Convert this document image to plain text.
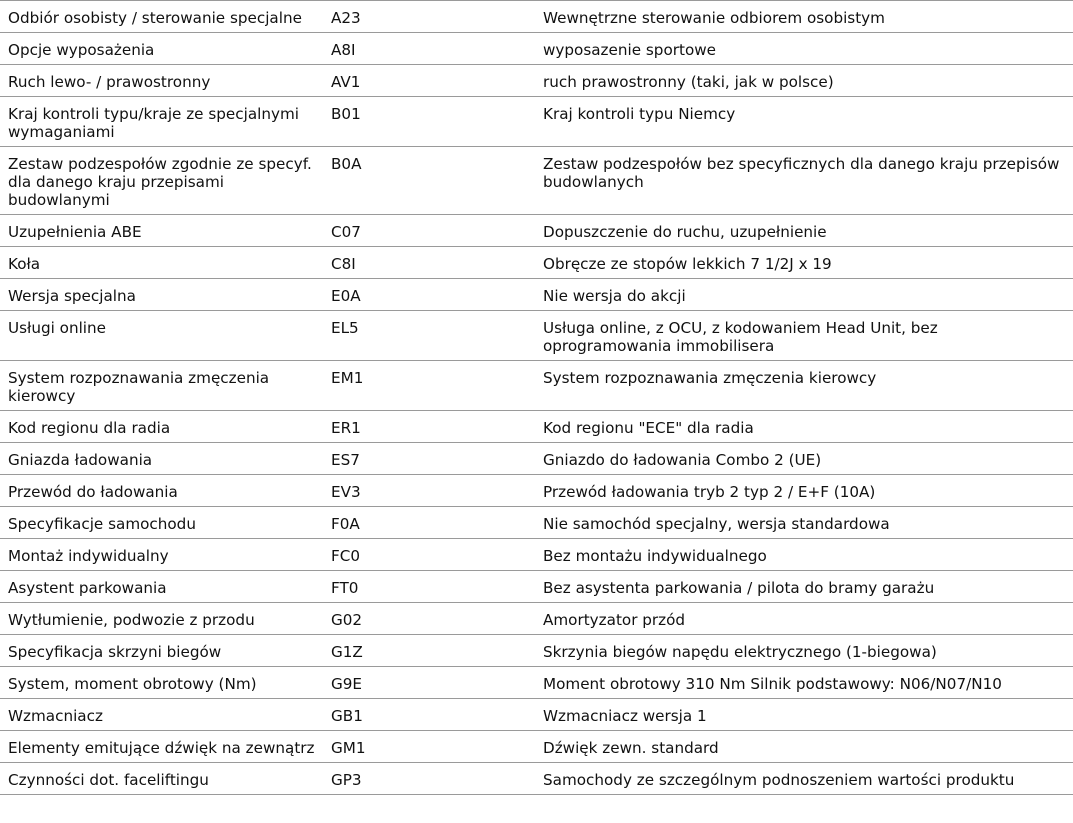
Odbiór osobisty / sterowanie specjalne	A23	Wewnętrzne sterowanie odbiorem osobistym
Opcje wyposażenia	A8I	wyposazenie sportowe
Ruch lewo- / prawostronny	AV1	ruch prawostronny (taki, jak w polsce)
Kraj kontroli typu/kraje ze specjalnymi wymaganiami	B01	Kraj kontroli typu Niemcy
Zestaw podzespołów zgodnie ze specyf. dla danego kraju przepisami budowlanymi	B0A	Zestaw podzespołów bez specyficznych dla danego kraju przepisów budowlanych
Uzupełnienia ABE	C07	Dopuszczenie do ruchu, uzupełnienie
Koła	C8I	Obręcze ze stopów lekkich 7 1/2J x 19
Wersja specjalna	E0A	Nie wersja do akcji
Usługi online	EL5	Usługa online, z OCU, z kodowaniem Head Unit, bez oprogramowania immobilisera
System rozpoznawania zmęczenia kierowcy	EM1	System rozpoznawania zmęczenia kierowcy
Kod regionu dla radia	ER1	Kod regionu "ECE" dla radia
Gniazda ładowania	ES7	Gniazdo do ładowania Combo 2 (UE)
Przewód do ładowania	EV3	Przewód ładowania tryb 2 typ 2 / E+F (10A)
Specyfikacje samochodu	F0A	Nie samochód specjalny, wersja standardowa
Montaż indywidualny	FC0	Bez montażu indywidualnego
Asystent parkowania	FT0	Bez asystenta parkowania / pilota do bramy garażu
Wytłumienie, podwozie z przodu	G02	Amortyzator przód
Specyfikacja skrzyni biegów	G1Z	Skrzynia biegów napędu elektrycznego (1-biegowa)
System, moment obrotowy (Nm)	G9E	Moment obrotowy 310 Nm Silnik podstawowy: N06/N07/N10
Wzmacniacz	GB1	Wzmacniacz wersja 1
Elementy emitujące dźwięk na zewnątrz	GM1	Dźwięk zewn. standard
Czynności dot. faceliftingu	GP3	Samochody ze szczególnym podnoszeniem wartości produktu
